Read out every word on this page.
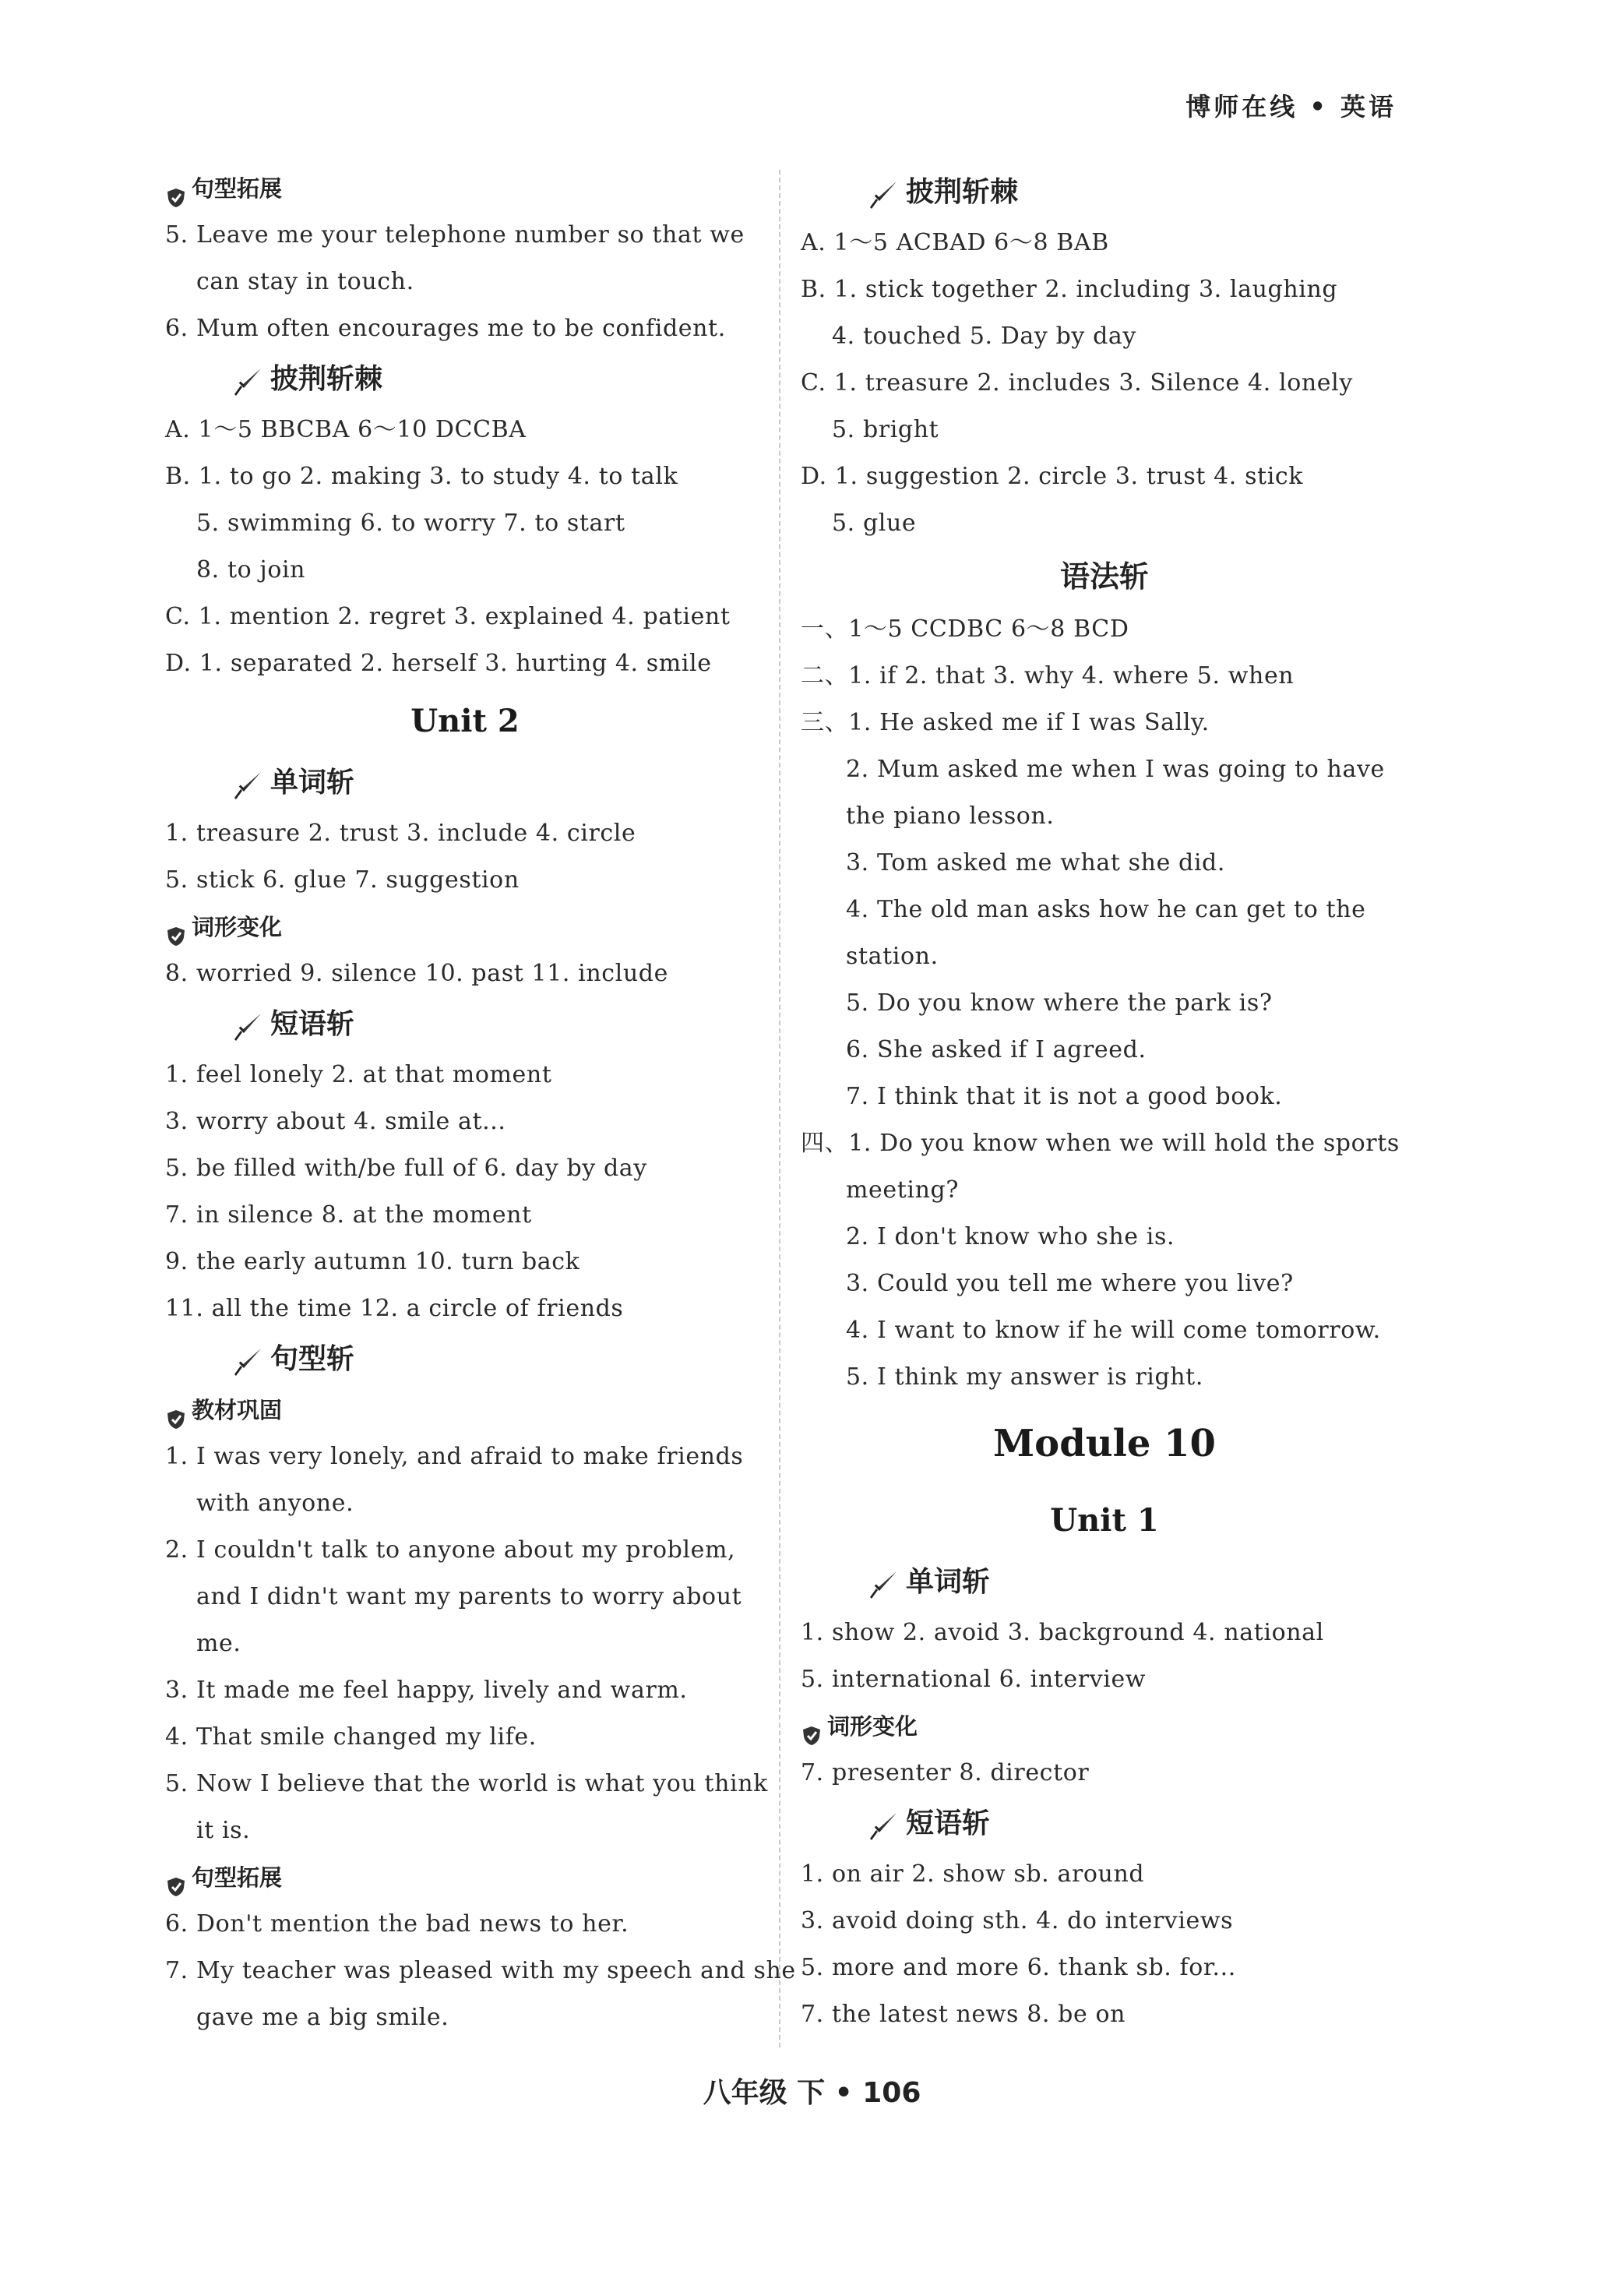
博师在线 • 英语
句型拓展
5. Leave me your telephone number so that we
can stay in touch.
6. Mum often encourages me to be confident.
披荆斩棘
A. 1～5 BBCBA 6～10 DCCBA
B. 1. to go 2. making 3. to study 4. to talk
5. swimming 6. to worry 7. to start
8. to join
C. 1. mention 2. regret 3. explained 4. patient
D. 1. separated 2. herself 3. hurting 4. smile
Unit 2
单词斩
1. treasure 2. trust 3. include 4. circle
5. stick 6. glue 7. suggestion
词形变化
8. worried 9. silence 10. past 11. include
短语斩
1. feel lonely 2. at that moment
3. worry about 4. smile at...
5. be filled with/be full of 6. day by day
7. in silence 8. at the moment
9. the early autumn 10. turn back
11. all the time 12. a circle of friends
句型斩
教材巩固
1. I was very lonely, and afraid to make friends
with anyone.
2. I couldn't talk to anyone about my problem,
and I didn't want my parents to worry about
me.
3. It made me feel happy, lively and warm.
4. That smile changed my life.
5. Now I believe that the world is what you think
it is.
句型拓展
6. Don't mention the bad news to her.
7. My teacher was pleased with my speech and she
gave me a big smile.
披荆斩棘
A. 1～5 ACBAD 6～8 BAB
B. 1. stick together 2. including 3. laughing
4. touched 5. Day by day
C. 1. treasure 2. includes 3. Silence 4. lonely
5. bright
D. 1. suggestion 2. circle 3. trust 4. stick
5. glue
语法斩
一、1～5 CCDBC 6～8 BCD
二、1. if 2. that 3. why 4. where 5. when
三、1. He asked me if I was Sally.
2. Mum asked me when I was going to have
the piano lesson.
3. Tom asked me what she did.
4. The old man asks how he can get to the
station.
5. Do you know where the park is?
6. She asked if I agreed.
7. I think that it is not a good book.
四、1. Do you know when we will hold the sports
meeting?
2. I don't know who she is.
3. Could you tell me where you live?
4. I want to know if he will come tomorrow.
5. I think my answer is right.
Module 10
Unit 1
单词斩
1. show 2. avoid 3. background 4. national
5. international 6. interview
词形变化
7. presenter 8. director
短语斩
1. on air 2. show sb. around
3. avoid doing sth. 4. do interviews
5. more and more 6. thank sb. for...
7. the latest news 8. be on
八年级 下 • 106
